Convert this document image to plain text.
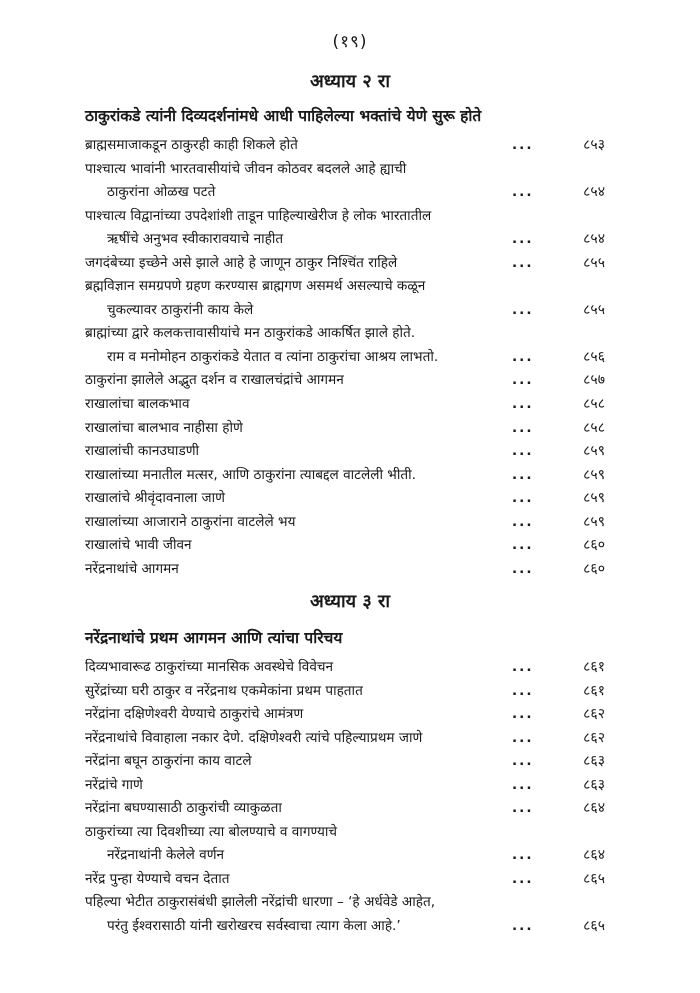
(१९)
अध्याय २ रा
ठाकुरांकडे त्यांनी दिव्यदर्शनांमधे आधी पाहिलेल्या भक्तांचे येणे सुरू होते
ब्राह्मसमाजाकडून ठाकुरही काही शिकले होते	...	८५३
पाश्चात्य भावांनी भारतवासीयांचे जीवन कोठवर बदलले आहे ह्याची
ठाकुरांना ओळख पटते	...	८५४
पाश्चात्य विद्वानांच्या उपदेशांशी ताडून पाहिल्याखेरीज हे लोक भारतातील
ऋषींचे अनुभव स्वीकारावयाचे नाहीत	...	८५४
जगदंबेच्या इच्छेने असे झाले आहे हे जाणून ठाकुर निश्चिंत राहिले	...	८५५
ब्रह्मविज्ञान समग्रपणे ग्रहण करण्यास ब्राह्मगण असमर्थ असल्याचे कळून
चुकल्यावर ठाकुरांनी काय केले	...	८५५
ब्राह्मांच्या द्वारे कलकत्तावासीयांचे मन ठाकुरांकडे आकर्षित झाले होते.
राम व मनोमोहन ठाकुरांकडे येतात व त्यांना ठाकुरांचा आश्रय लाभतो.	...	८५६
ठाकुरांना झालेले अद्भुत दर्शन व राखालचंद्रांचे आगमन	...	८५७
राखालांचा बालकभाव	...	८५८
राखालांचा बालभाव नाहीसा होणे	...	८५८
राखालांची कानउघाडणी	...	८५९
राखालांच्या मनातील मत्सर, आणि ठाकुरांना त्याबद्दल वाटलेली भीती.	...	८५९
राखालांचे श्रीवृंदावनाला जाणे	...	८५९
राखालांच्या आजाराने ठाकुरांना वाटलेले भय	...	८५९
राखालांचे भावी जीवन	...	८६०
नरेंद्रनाथांचे आगमन	...	८६०
अध्याय ३ रा
नरेंद्रनाथांचे प्रथम आगमन आणि त्यांचा परिचय
दिव्यभावारूढ ठाकुरांच्या मानसिक अवस्थेचे विवेचन	...	८६१
सुरेंद्रांच्या घरी ठाकुर व नरेंद्रनाथ एकमेकांना प्रथम पाहतात	...	८६१
नरेंद्रांना दक्षिणेश्वरी येण्याचे ठाकुरांचे आमंत्रण	...	८६२
नरेंद्रनाथांचे विवाहाला नकार देणे. दक्षिणेश्वरी त्यांचे पहिल्याप्रथम जाणे	...	८६२
नरेंद्रांना बघून ठाकुरांना काय वाटले	...	८६३
नरेंद्रांचे गाणे	...	८६३
नरेंद्रांना बघण्यासाठी ठाकुरांची व्याकुळता	...	८६४
ठाकुरांच्या त्या दिवशीच्या त्या बोलण्याचे व वागण्याचे
नरेंद्रनाथांनी केलेले वर्णन	...	८६४
नरेंद्र पुन्हा येण्याचे वचन देतात	...	८६५
पहिल्या भेटीत ठाकुरासंबंधी झालेली नरेंद्रांची धारणा – ‘हे अर्धवेडे आहेत,
परंतु ईश्वरासाठी यांनी खरोखरच सर्वस्वाचा त्याग केला आहे.’	...	८६५
